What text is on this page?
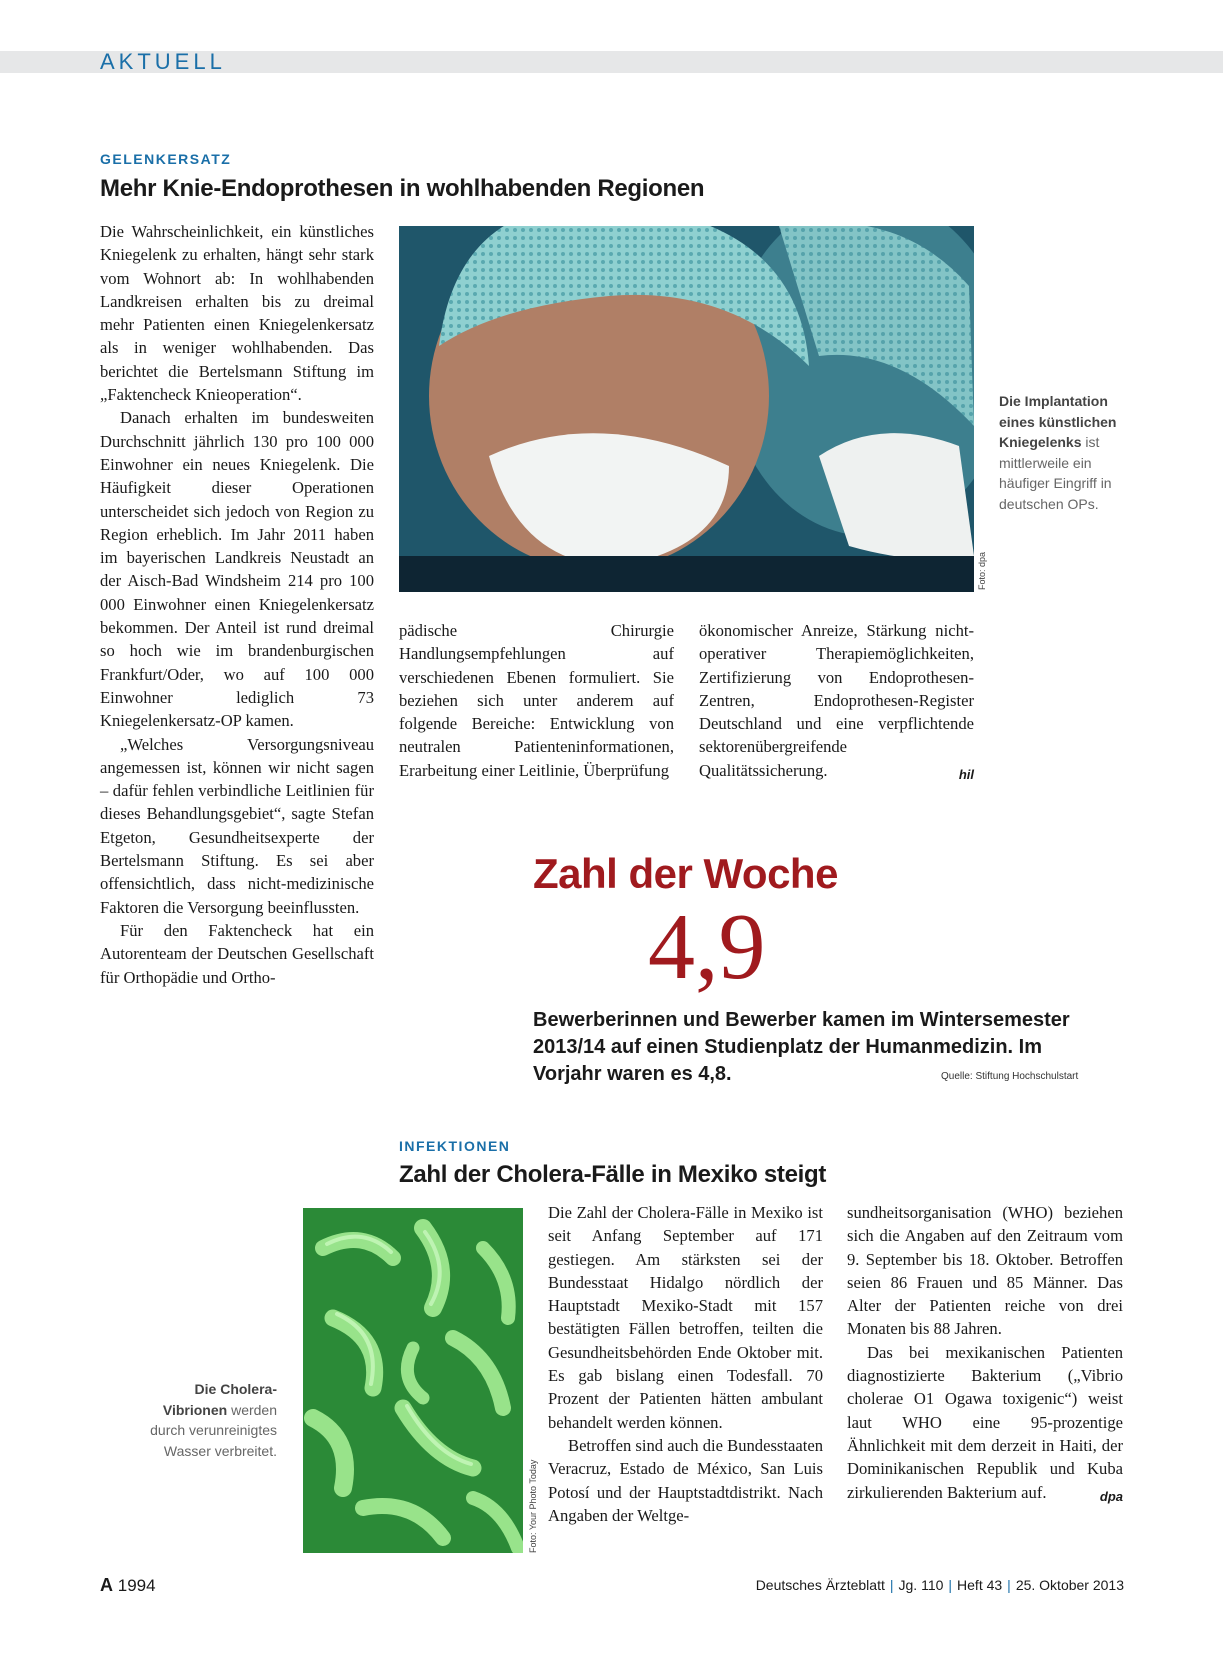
AKTUELL
GELENKERSATZ
Mehr Knie-Endoprothesen in wohlhabenden Regionen

Die Wahrscheinlichkeit, ein künstliches Kniegelenk zu erhalten, hängt sehr stark vom Wohnort ab: In wohlhabenden Landkreisen erhalten bis zu dreimal mehr Patienten einen Kniegelenkersatz als in weniger wohlhabenden. Das berichtet die Bertelsmann Stiftung im „Faktencheck Knieoperation“.

Danach erhalten im bundesweiten Durchschnitt jährlich 130 pro 100 000 Einwohner ein neues Kniegelenk. Die Häufigkeit dieser Operationen unterscheidet sich jedoch von Region zu Region erheblich. Im Jahr 2011 haben im bayerischen Landkreis Neustadt an der Aisch-Bad Windsheim 214 pro 100 000 Einwohner einen Kniegelenkersatz bekommen. Der Anteil ist rund dreimal so hoch wie im brandenburgischen Frankfurt/Oder, wo auf 100 000 Einwohner lediglich 73 Kniegelenkersatz-OP kamen.

„Welches Versorgungsniveau angemessen ist, können wir nicht sagen – dafür fehlen verbindliche Leitlinien für dieses Behandlungsgebiet“, sagte Stefan Etgeton, Gesundheitsexperte der Bertelsmann Stiftung. Es sei aber offensichtlich, dass nicht-medizinische Faktoren die Versorgung beeinflussten.

Für den Faktencheck hat ein Autorenteam der Deutschen Gesellschaft für Orthopädie und Ortho-

Foto: dpa
Die Implantation eines künstlichen Kniegelenks ist mittlerweile ein häufiger Eingriff in deutschen OPs.

pädische Chirurgie Handlungsempfehlungen auf verschiedenen Ebenen formuliert. Sie beziehen sich unter anderem auf folgende Bereiche: Entwicklung von neutralen Patienteninformationen, Erarbeitung einer Leitlinie, Überprüfung

ökonomischer Anreize, Stärkung nicht-operativer Therapiemöglichkeiten, Zertifizierung von Endoprothesen-Zentren, Endoprothesen-Register Deutschland und eine verpflichtende sektorenübergreifende Qualitätssicherung.	hil

Zahl der Woche
4,9
Bewerberinnen und Bewerber kamen im Wintersemester 2013/14 auf einen Studienplatz der Humanmedizin. Im Vorjahr waren es 4,8.	Quelle: Stiftung Hochschulstart
INFEKTIONEN
Zahl der Cholera-Fälle in Mexiko steigt
Die Cholera-Vibrionen werden durch verunreinigtes Wasser verbreitet.
Foto: Your Photo Today

Die Zahl der Cholera-Fälle in Mexiko ist seit Anfang September auf 171 gestiegen. Am stärksten sei der Bundesstaat Hidalgo nördlich der Hauptstadt Mexiko-Stadt mit 157 bestätigten Fällen betroffen, teilten die Gesundheitsbehörden Ende Oktober mit. Es gab bislang einen Todesfall. 70 Prozent der Patienten hätten ambulant behandelt werden können.

Betroffen sind auch die Bundesstaaten Veracruz, Estado de México, San Luis Potosí und der Hauptstadtdistrikt. Nach Angaben der Weltge-

sundheitsorganisation (WHO) beziehen sich die Angaben auf den Zeitraum vom 9. September bis 18. Oktober. Betroffen seien 86 Frauen und 85 Männer. Das Alter der Patienten reiche von drei Monaten bis 88 Jahren.

Das bei mexikanischen Patienten diagnostizierte Bakterium („Vibrio cholerae O1 Ogawa toxigenic“) weist laut WHO eine 95-prozentige Ähnlichkeit mit dem derzeit in Haiti, der Dominikanischen Republik und Kuba zirkulierenden Bakterium auf.	dpa

A 1994	Deutsches Ärzteblatt | Jg. 110 | Heft 43 | 25. Oktober 2013
